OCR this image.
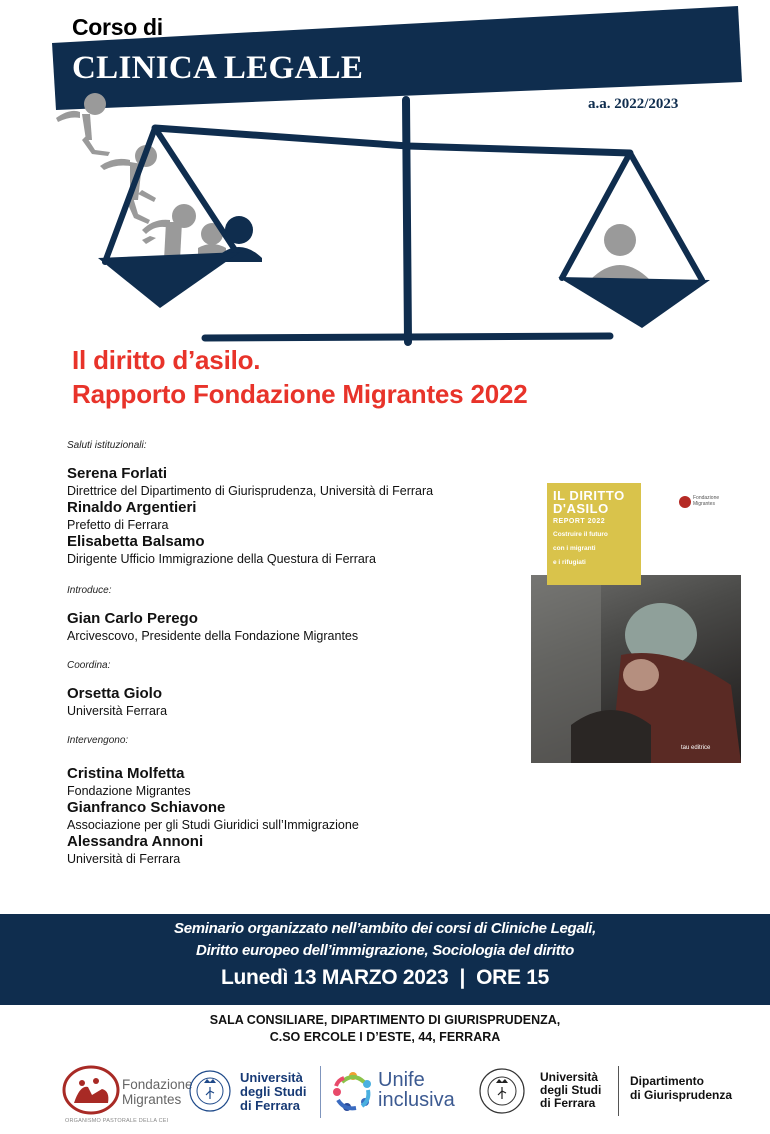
Corso di
CLINICA LEGALE
a.a. 2022/2023
Il diritto d’asilo.
Rapporto Fondazione Migrantes 2022
Saluti istituzionali:
Serena Forlati
Direttrice del Dipartimento di Giurisprudenza, Università di Ferrara
Rinaldo Argentieri
Prefetto di Ferrara
Elisabetta Balsamo
Dirigente Ufficio Immigrazione della Questura di Ferrara
Introduce:
Gian Carlo Perego
Arcivescovo, Presidente della Fondazione Migrantes
Coordina:
Orsetta Giolo
Università Ferrara
Intervengono:
Cristina Molfetta
Fondazione Migrantes
Gianfranco Schiavone
Associazione per gli Studi Giuridici sull’Immigrazione
Alessandra Annoni
Università di Ferrara
IL DIRITTO
D'ASILO
REPORT 2022
Costruire il futuro
con i migranti
e i rifugiati
Fondazione
Migrantes
tau editrice
Seminario organizzato nell’ambito dei corsi di Cliniche Legali,
Diritto europeo dell’immigrazione, Sociologia del diritto
Lunedì 13 MARZO 2023  |  ORE 15
SALA CONSILIARE, DIPARTIMENTO DI GIURISPRUDENZA,
C.SO ERCOLE I D’ESTE, 44, FERRARA
Fondazione
Migrantes
ORGANISMO PASTORALE DELLA CEI
Università
degli Studi
di Ferrara
Unife
inclusiva
Università
degli Studi
di Ferrara
Dipartimento
di Giurisprudenza
